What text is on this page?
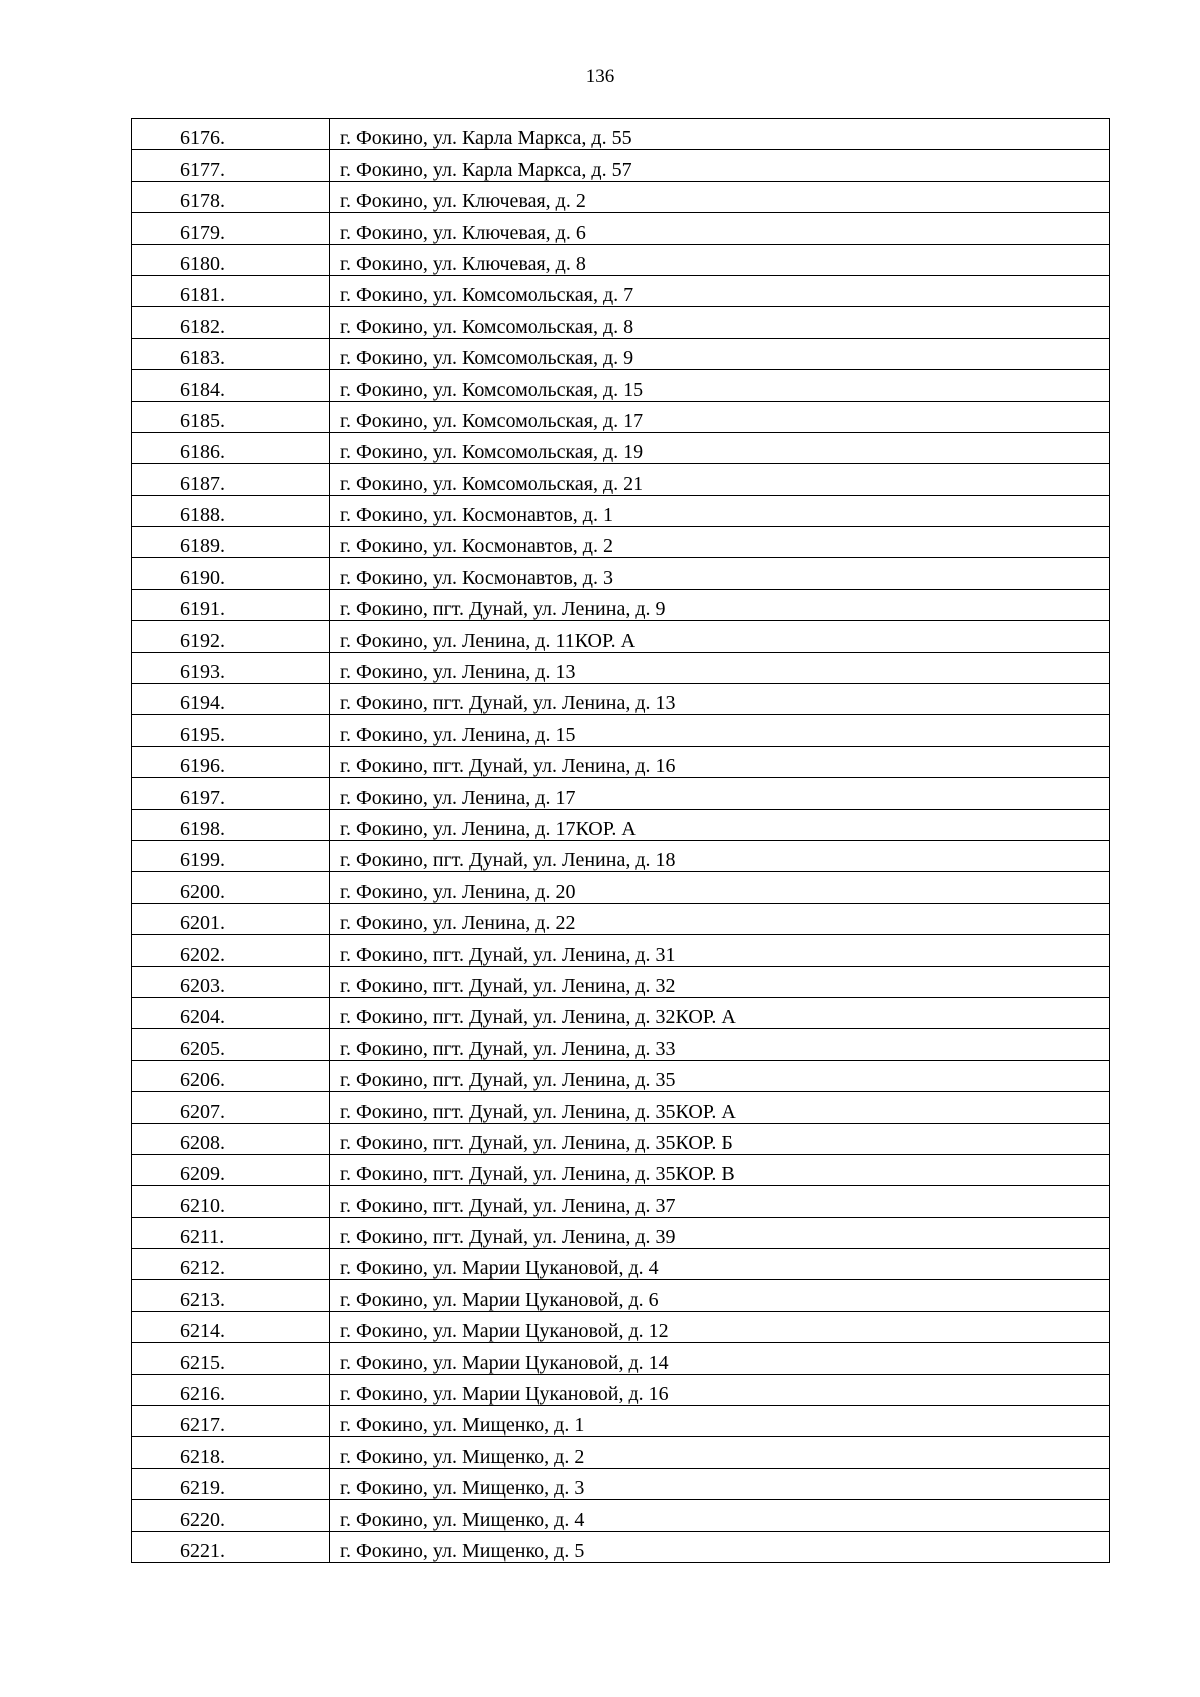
136
6176.	г. Фокино, ул. Карла Маркса, д. 55
6177.	г. Фокино, ул. Карла Маркса, д. 57
6178.	г. Фокино, ул. Ключевая, д. 2
6179.	г. Фокино, ул. Ключевая, д. 6
6180.	г. Фокино, ул. Ключевая, д. 8
6181.	г. Фокино, ул. Комсомольская, д. 7
6182.	г. Фокино, ул. Комсомольская, д. 8
6183.	г. Фокино, ул. Комсомольская, д. 9
6184.	г. Фокино, ул. Комсомольская, д. 15
6185.	г. Фокино, ул. Комсомольская, д. 17
6186.	г. Фокино, ул. Комсомольская, д. 19
6187.	г. Фокино, ул. Комсомольская, д. 21
6188.	г. Фокино, ул. Космонавтов, д. 1
6189.	г. Фокино, ул. Космонавтов, д. 2
6190.	г. Фокино, ул. Космонавтов, д. 3
6191.	г. Фокино, пгт. Дунай, ул. Ленина, д. 9
6192.	г. Фокино, ул. Ленина, д. 11КОР. А
6193.	г. Фокино, ул. Ленина, д. 13
6194.	г. Фокино, пгт. Дунай, ул. Ленина, д. 13
6195.	г. Фокино, ул. Ленина, д. 15
6196.	г. Фокино, пгт. Дунай, ул. Ленина, д. 16
6197.	г. Фокино, ул. Ленина, д. 17
6198.	г. Фокино, ул. Ленина, д. 17КОР. А
6199.	г. Фокино, пгт. Дунай, ул. Ленина, д. 18
6200.	г. Фокино, ул. Ленина, д. 20
6201.	г. Фокино, ул. Ленина, д. 22
6202.	г. Фокино, пгт. Дунай, ул. Ленина, д. 31
6203.	г. Фокино, пгт. Дунай, ул. Ленина, д. 32
6204.	г. Фокино, пгт. Дунай, ул. Ленина, д. 32КОР. А
6205.	г. Фокино, пгт. Дунай, ул. Ленина, д. 33
6206.	г. Фокино, пгт. Дунай, ул. Ленина, д. 35
6207.	г. Фокино, пгт. Дунай, ул. Ленина, д. 35КОР. А
6208.	г. Фокино, пгт. Дунай, ул. Ленина, д. 35КОР. Б
6209.	г. Фокино, пгт. Дунай, ул. Ленина, д. 35КОР. В
6210.	г. Фокино, пгт. Дунай, ул. Ленина, д. 37
6211.	г. Фокино, пгт. Дунай, ул. Ленина, д. 39
6212.	г. Фокино, ул. Марии Цукановой, д. 4
6213.	г. Фокино, ул. Марии Цукановой, д. 6
6214.	г. Фокино, ул. Марии Цукановой, д. 12
6215.	г. Фокино, ул. Марии Цукановой, д. 14
6216.	г. Фокино, ул. Марии Цукановой, д. 16
6217.	г. Фокино, ул. Мищенко, д. 1
6218.	г. Фокино, ул. Мищенко, д. 2
6219.	г. Фокино, ул. Мищенко, д. 3
6220.	г. Фокино, ул. Мищенко, д. 4
6221.	г. Фокино, ул. Мищенко, д. 5
